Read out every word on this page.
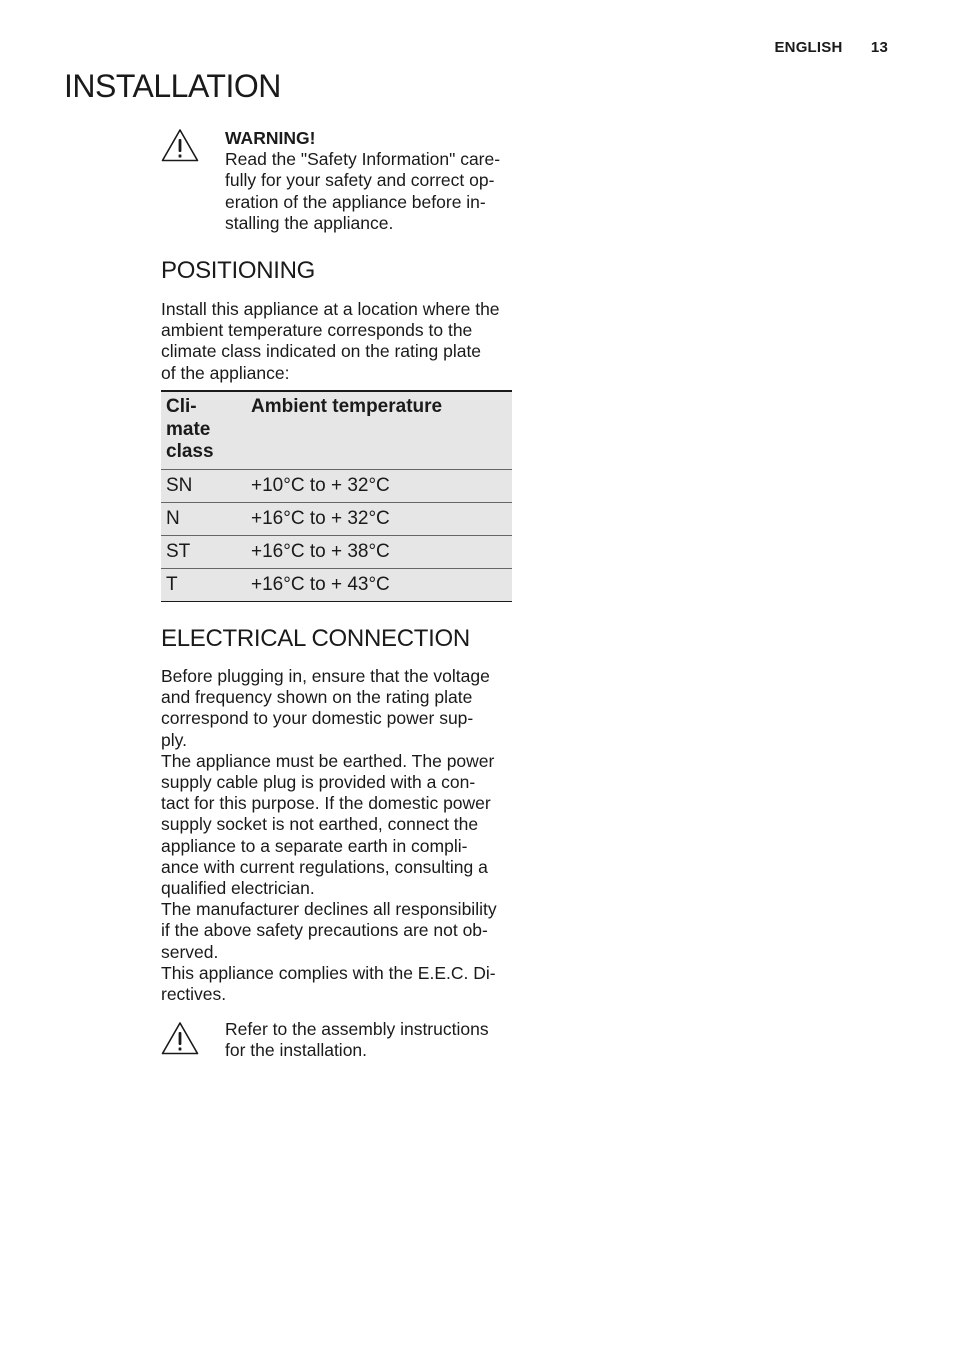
ENGLISH 13
INSTALLATION
WARNING!
Read the "Safety Information" care-
fully for your safety and correct op-
eration of the appliance before in-
stalling the appliance.
POSITIONING

Install this appliance at a location where the

ambient temperature corresponds to the

climate class indicated on the rating plate

of the appliance:

Cli-
mate
class	Ambient temperature

SN	+10°C to + 32°C
N	+16°C to + 32°C
ST	+16°C to + 38°C
T	+16°C to + 43°C
ELECTRICAL CONNECTION

Before plugging in, ensure that the voltage

and frequency shown on the rating plate

correspond to your domestic power sup-

ply.

The appliance must be earthed. The power

supply cable plug is provided with a con-

tact for this purpose. If the domestic power

supply socket is not earthed, connect the

appliance to a separate earth in compli-

ance with current regulations, consulting a

qualified electrician.

The manufacturer declines all responsibility

if the above safety precautions are not ob-

served.

This appliance complies with the E.E.C. Di-

rectives.

Refer to the assembly instructions
for the installation.
